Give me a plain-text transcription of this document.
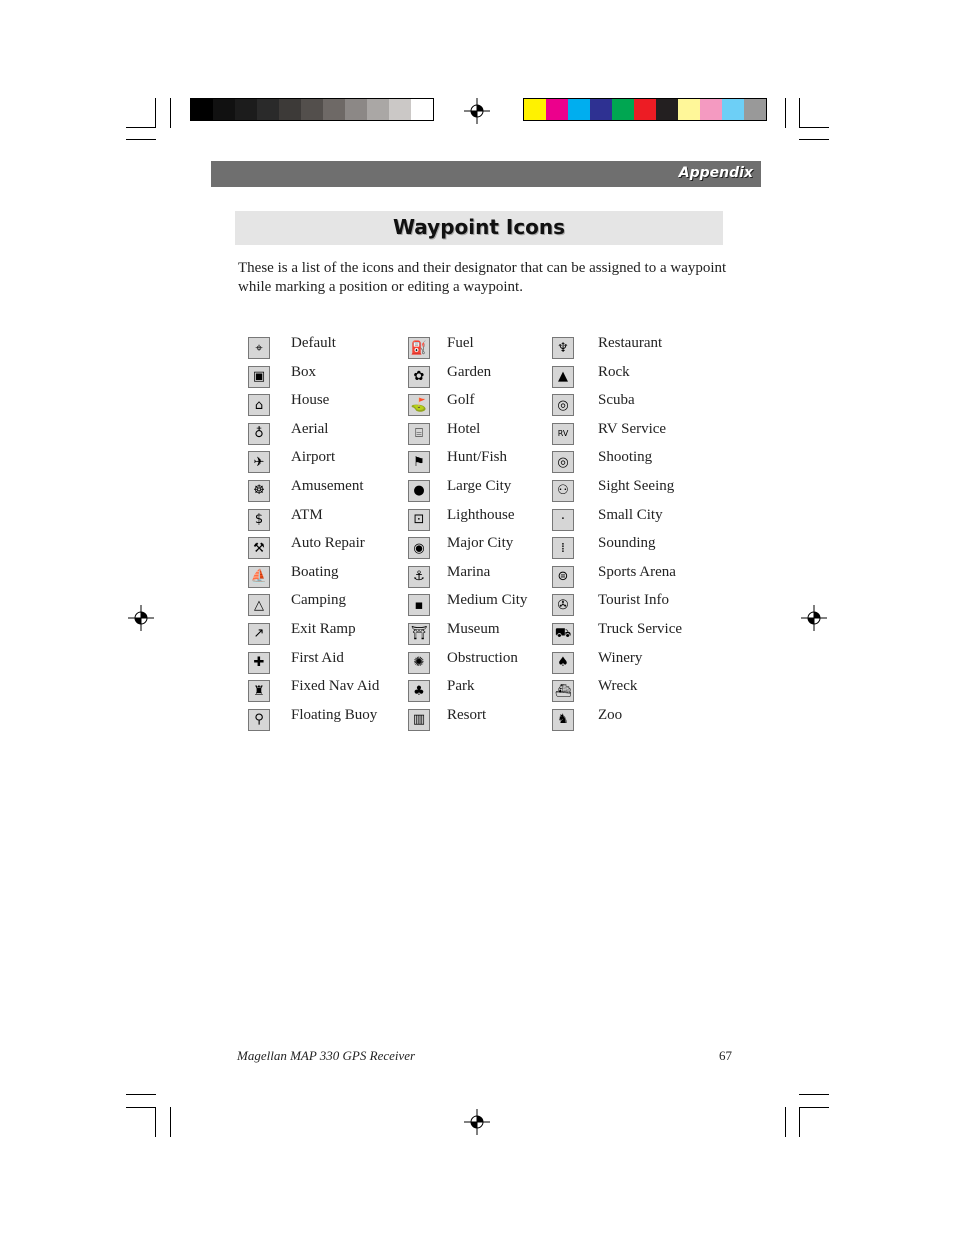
Appendix
Waypoint Icons
These is a list of the icons and their designator that can be assigned to a waypoint while marking a position or editing a waypoint.
⌖	Default
▣	Box
⌂	House
♁	Aerial
✈	Airport
☸	Amusement
$	ATM
⚒	Auto Repair
⛵ Boating
△	Camping
↗	Exit Ramp
✚	First Aid
♜	Fixed Nav Aid
⚲	Floating Buoy
⛽ Fuel
✿	Garden
⛳ Golf
⌸	Hotel
⚑	Hunt/Fish
●	Large City
⊡	Lighthouse
◉	Major City
⚓	Marina
▪	Medium City
⛩ Museum
✺	Obstruction
♣	Park
▥	Resort
♆	Restaurant
▲	Rock
◎	Scuba
RV	RV Service
◎	Shooting
⚇	Sight Seeing
·	Small City
⁞	Sounding
⊜	Sports Arena
✇	Tourist Info
⛟ Truck Service
♠	Winery
⛴ Wreck
♞	Zoo
Magellan MAP 330 GPS Receiver	67
